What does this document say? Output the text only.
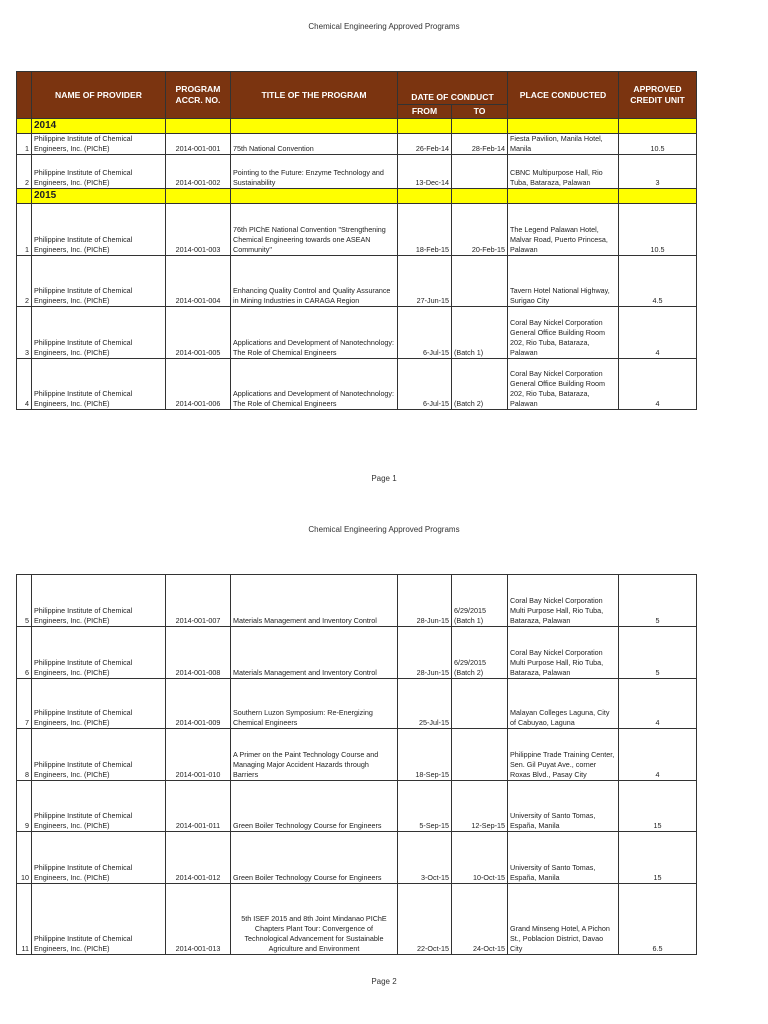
Chemical Engineering Approved Programs
	NAME OF PROVIDER	PROGRAM ACCR. NO.	TITLE OF THE PROGRAM	DATE OF CONDUCT		PLACE CONDUCTED	APPROVED CREDIT UNIT
				FROM	TO		
	2014						
1	Philippine Institute of Chemical Engineers, Inc. (PIChE)	2014-001-001	75th National Convention	26-Feb-14	28-Feb-14	Fiesta Pavilion, Manila Hotel, Manila	10.5
2	Philippine Institute of Chemical Engineers, Inc. (PIChE)	2014-001-002	Pointing to the Future: Enzyme Technology and Sustainability	13-Dec-14		CBNC Multipurpose Hall, Rio Tuba, Bataraza, Palawan	3
	2015						
1	Philippine Institute of Chemical Engineers, Inc. (PIChE)	2014-001-003	76th PIChE National Convention "Strengthening Chemical Engineering towards one ASEAN Community"	18-Feb-15	20-Feb-15	The Legend Palawan Hotel, Malvar Road, Puerto Princesa, Palawan	10.5
2	Philippine Institute of Chemical Engineers, Inc. (PIChE)	2014-001-004	Enhancing Quality Control and Quality Assurance in Mining Industries in CARAGA Region	27-Jun-15		Tavern Hotel National Highway, Surigao City	4.5
3	Philippine Institute of Chemical Engineers, Inc. (PIChE)	2014-001-005	Applications and Development of Nanotechnology: The Role of Chemical Engineers	6-Jul-15	(Batch 1)	Coral Bay Nickel Corporation General Office Building Room 202, Rio Tuba, Bataraza, Palawan	4
4	Philippine Institute of Chemical Engineers, Inc. (PIChE)	2014-001-006	Applications and Development of Nanotechnology: The Role of Chemical Engineers	6-Jul-15	(Batch 2)	Coral Bay Nickel Corporation General Office Building Room 202, Rio Tuba, Bataraza, Palawan	4
Page 1
Chemical Engineering Approved Programs
5	Philippine Institute of Chemical Engineers, Inc. (PIChE)	2014-001-007	Materials Management and Inventory Control	28-Jun-15	6/29/2015 (Batch 1)	Coral Bay Nickel Corporation Multi Purpose Hall, Rio Tuba, Bataraza, Palawan	5
6	Philippine Institute of Chemical Engineers, Inc. (PIChE)	2014-001-008	Materials Management and Inventory Control	28-Jun-15	6/29/2015 (Batch 2)	Coral Bay Nickel Corporation Multi Purpose Hall, Rio Tuba, Bataraza, Palawan	5
7	Philippine Institute of Chemical Engineers, Inc. (PIChE)	2014-001-009	Southern Luzon Symposium: Re-Energizing Chemical Engineers	25-Jul-15		Malayan Colleges Laguna, City of Cabuyao, Laguna	4
8	Philippine Institute of Chemical Engineers, Inc. (PIChE)	2014-001-010	A Primer on the Paint Technology Course and Managing Major Accident Hazards through Barriers	18-Sep-15		Philippine Trade Training Center, Sen. Gil Puyat Ave., corner Roxas Blvd., Pasay City	4
9	Philippine Institute of Chemical Engineers, Inc. (PIChE)	2014-001-011	Green Boiler Technology Course for Engineers	5-Sep-15	12-Sep-15	University of Santo Tomas, España, Manila	15
10	Philippine Institute of Chemical Engineers, Inc. (PIChE)	2014-001-012	Green Boiler Technology Course for Engineers	3-Oct-15	10-Oct-15	University of Santo Tomas, España, Manila	15
11	Philippine Institute of Chemical Engineers, Inc. (PIChE)	2014-001-013	5th ISEF 2015 and 8th Joint Mindanao PIChE Chapters Plant Tour: Convergence of Technological Advancement for Sustainable Agriculture and Environment	22-Oct-15	24-Oct-15	Grand Minseng Hotel, A Pichon St., Poblacion District, Davao City	6.5
Page 2
